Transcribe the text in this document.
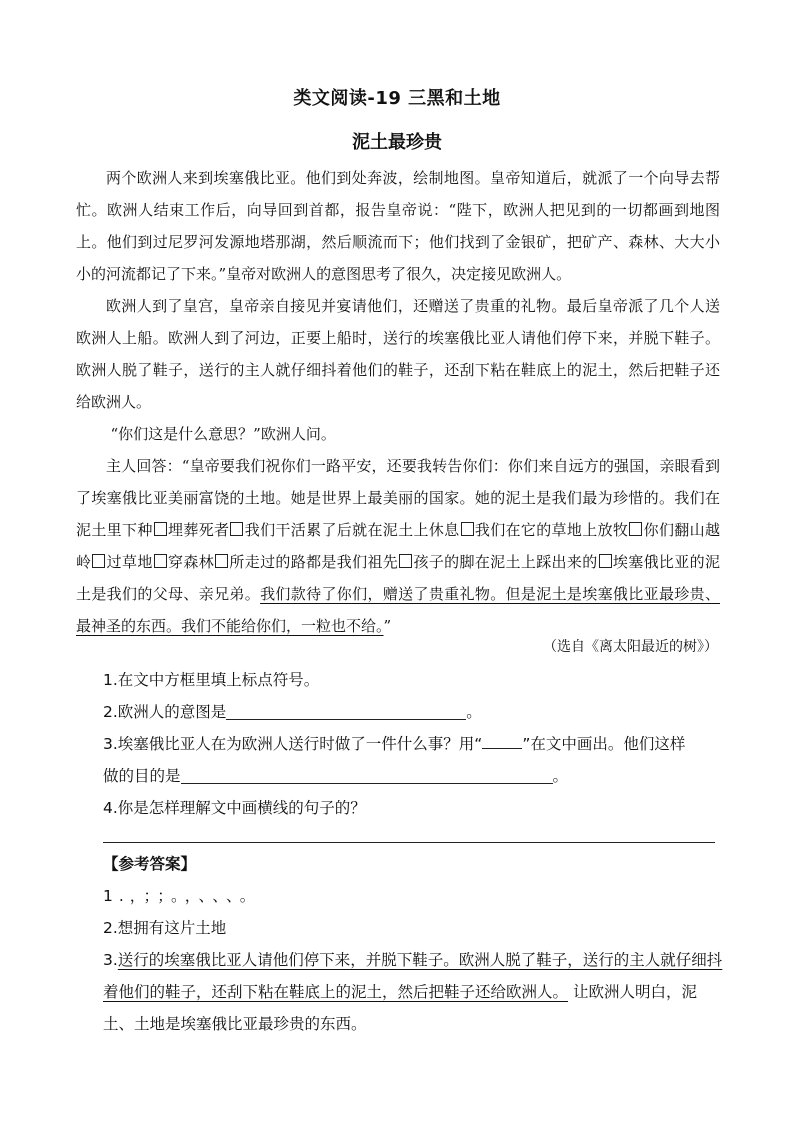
类文阅读-19 三黑和土地
泥土最珍贵

两个欧洲人来到埃塞俄比亚。他们到处奔波，绘制地图。皇帝知道后，就派了一个向导去帮忙。欧洲人结束工作后，向导回到首都，报告皇帝说：“陛下，欧洲人把见到的一切都画到地图上。他们到过尼罗河发源地塔那湖，然后顺流而下；他们找到了金银矿，把矿产、森林、大大小小的河流都记了下来。”皇帝对欧洲人的意图思考了很久，决定接见欧洲人。

欧洲人到了皇宫，皇帝亲自接见并宴请他们，还赠送了贵重的礼物。最后皇帝派了几个人送欧洲人上船。欧洲人到了河边，正要上船时，送行的埃塞俄比亚人请他们停下来，并脱下鞋子。欧洲人脱了鞋子，送行的主人就仔细抖着他们的鞋子，还刮下粘在鞋底上的泥土，然后把鞋子还给欧洲人。

“你们这是什么意思？”欧洲人问。

主人回答：“皇帝要我们祝你们一路平安，还要我转告你们：你们来自远方的强国，亲眼看到了埃塞俄比亚美丽富饶的土地。她是世界上最美丽的国家。她的泥土是我们最为珍惜的。我们在泥土里下种 埋葬死者 我们干活累了后就在泥土上休息 我们在它的草地上放牧 你们翻山越岭 过草地 穿森林 所走过的路都是我们祖先 孩子的脚在泥土上踩出来的 埃塞俄比亚的泥土是我们的父母、亲兄弟。我们款待了你们，赠送了贵重礼物。但是泥土是埃塞俄比亚最珍贵、最神圣的东西。我们不能给你们，一粒也不给。”

（选自《离太阳最近的树》）
1.在文中方框里填上标点符号。
2.欧洲人的意图是	。
3.埃塞俄比亚人在为欧洲人送行时做了一件什么事？用“	”在文中画出。他们这样
做的目的是	。
4.你是怎样理解文中画横线的句子的？
【参考答案】
1.，；；。，、、、。
2.想拥有这片土地
3.送行的埃塞俄比亚人请他们停下来，并脱下鞋子。欧洲人脱了鞋子，送行的主人就仔细抖着他们的鞋子，还刮下粘在鞋底上的泥土，然后把鞋子还给欧洲人。 让欧洲人明白，泥土、土地是埃塞俄比亚最珍贵的东西。
